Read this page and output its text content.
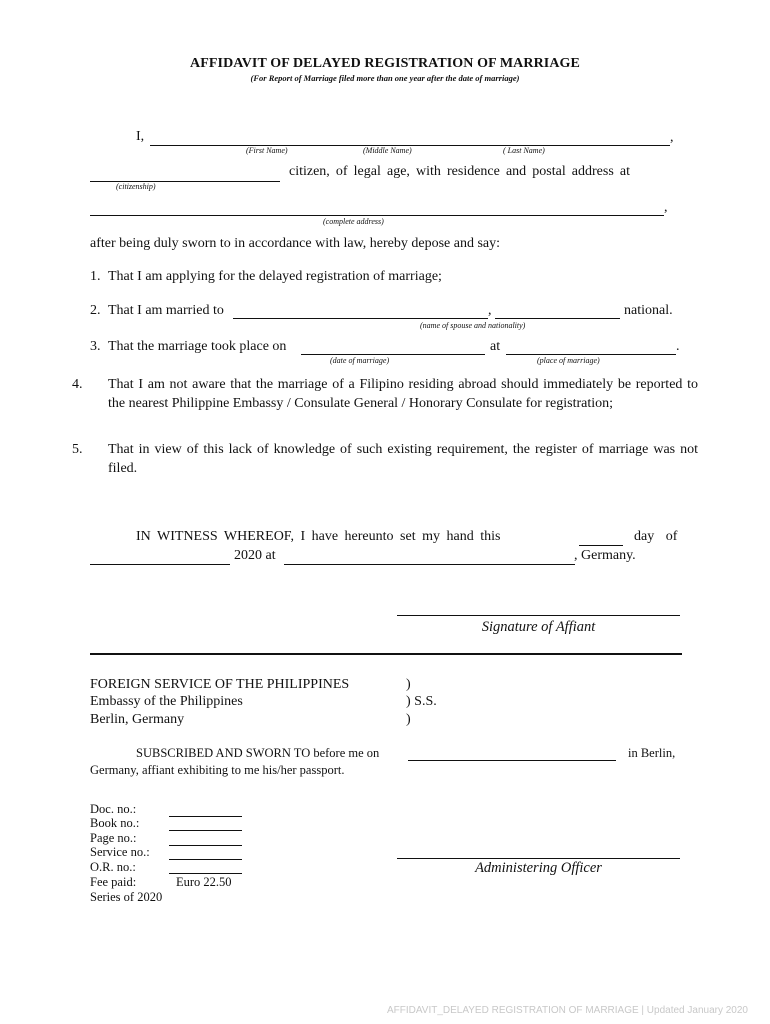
AFFIDAVIT OF DELAYED REGISTRATION OF MARRIAGE
(For Report of Marriage filed more than one year after the date of marriage)
I,	,
(First Name)	(Middle Name)	( Last Name)
citizen, of legal age, with residence and postal address at
(citizenship)
,
(complete address)
after being duly sworn to in accordance with law, hereby depose and say:
1. That I am applying for the delayed registration of marriage;
2. That I am married to	,	national.
(name of spouse and nationality)
3. That the marriage took place on	at	.
(date of marriage)	(place of marriage)
4. That I am not aware that the marriage of a Filipino residing abroad should immediately be reported to the nearest Philippine Embassy / Consulate General / Honorary Consulate for registration;
5. That in view of this lack of knowledge of such existing requirement, the register of marriage was not filed.
IN WITNESS WHEREOF, I have hereunto set my hand this	day of
2020 at	, Germany.
Signature of Affiant
FOREIGN SERVICE OF THE PHILIPPINES
Embassy of the Philippines
Berlin, Germany
)
) S.S.
)
SUBSCRIBED AND SWORN TO before me on	in Berlin,
Germany, affiant exhibiting to me his/her passport.
Doc. no.:
Book no.:
Page no.:
Service no.:
O.R. no.:
Fee paid:	Euro 22.50
Series of 2020
Administering Officer
AFFIDAVIT_DELAYED REGISTRATION OF MARRIAGE | Updated January 2020
